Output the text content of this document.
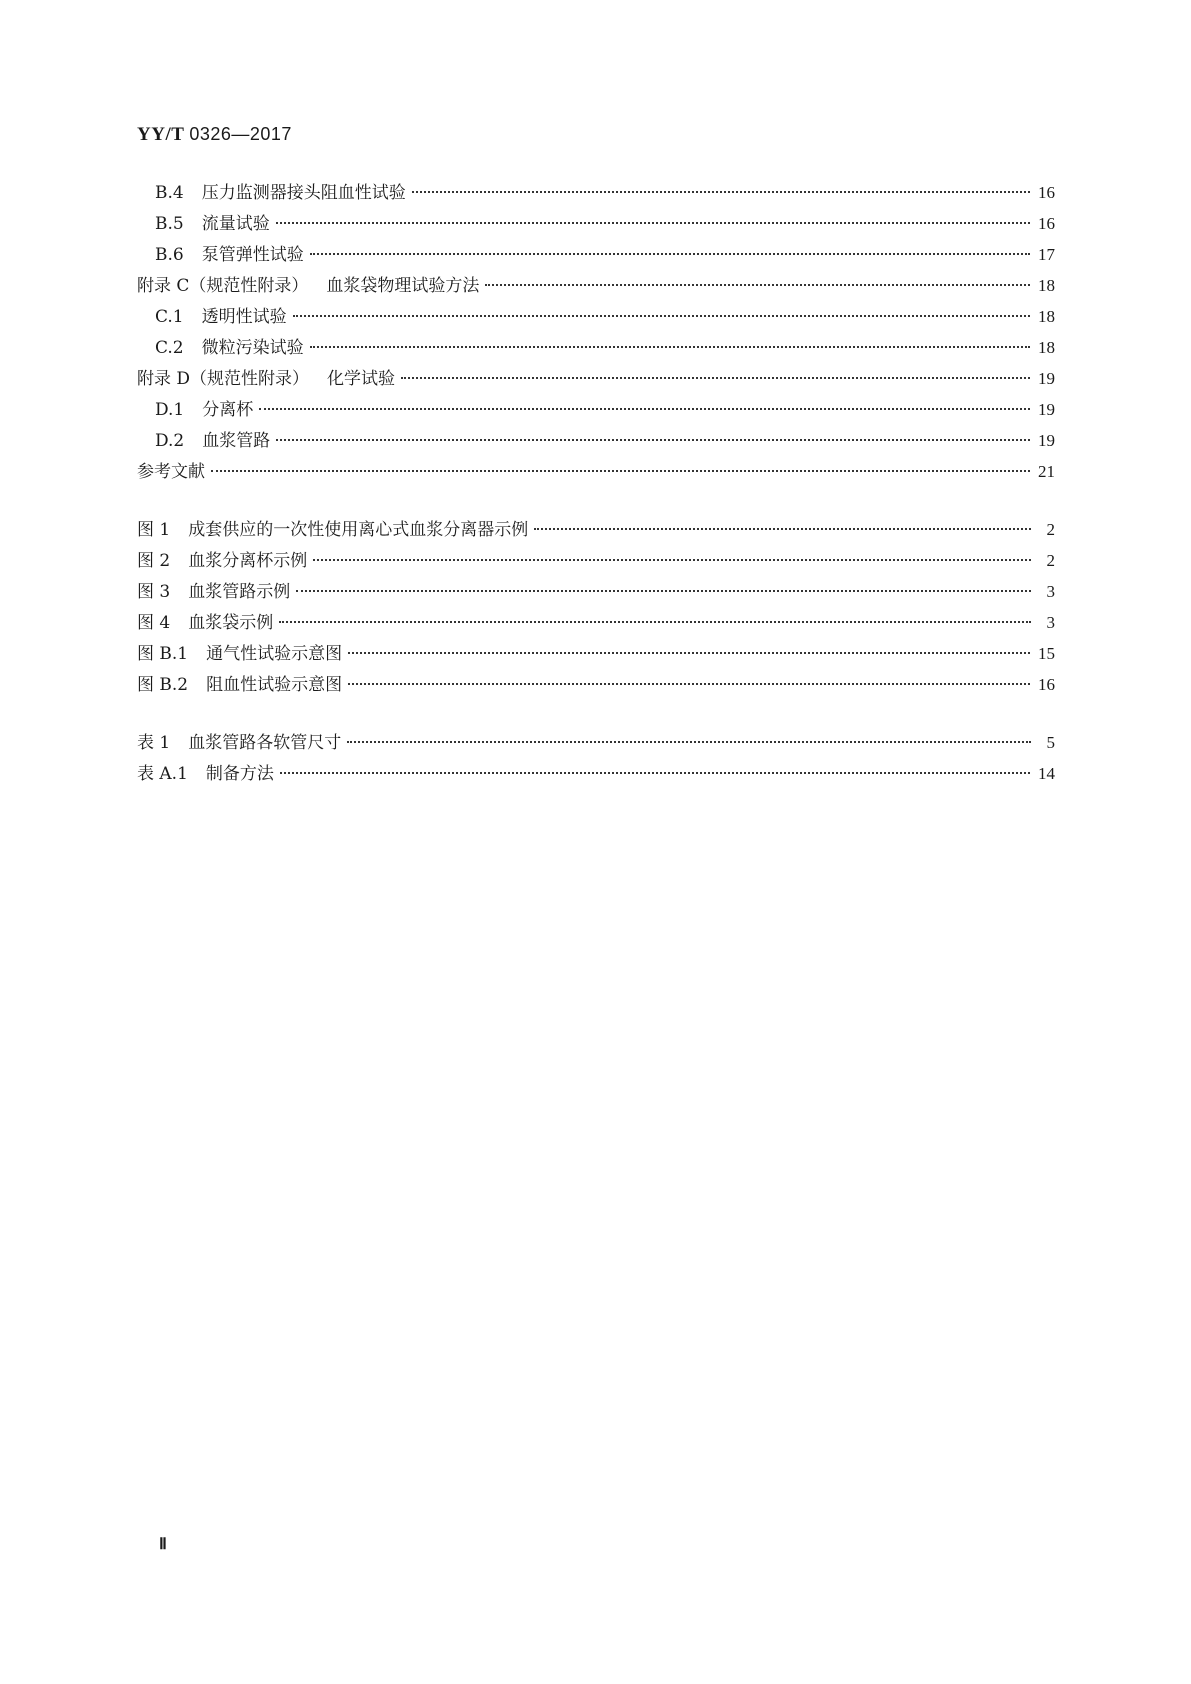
YY/T 0326—2017
B.4 压力监测器接头阻血性试验	16
B.5 流量试验	16
B.6 泵管弹性试验	17
附录 C（规范性附录） 血浆袋物理试验方法	18
C.1 透明性试验	18
C.2 微粒污染试验	18
附录 D（规范性附录） 化学试验	19
D.1 分离杯	19
D.2 血浆管路	19
参考文献	21
图 1 成套供应的一次性使用离心式血浆分离器示例	2
图 2 血浆分离杯示例	2
图 3 血浆管路示例	3
图 4 血浆袋示例	3
图 B.1 通气性试验示意图	15
图 B.2 阻血性试验示意图	16
表 1 血浆管路各软管尺寸	5
表 A.1 制备方法	14
Ⅱ
